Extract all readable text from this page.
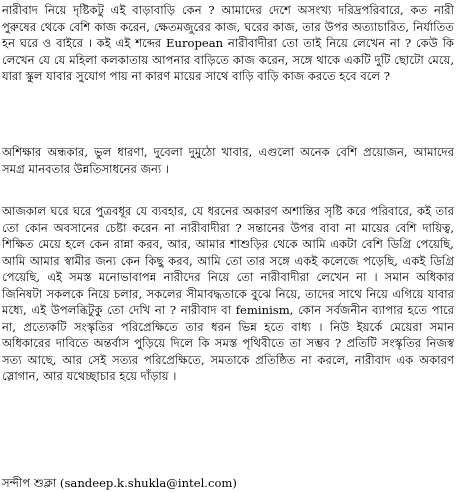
নারীবাদ নিয়ে দৃষ্টিকটু এই বাড়াবাড়ি কেন ? আমাদের দেশে অসংখ্য দরিদ্রপরিবারে, কত নারী পুরুষের থেকে বেশি কাজ করেন, ক্ষেতমজুরের কাজ, ঘরের কাজ, তার উপর অত্যাচারিত, নির্যাতিত হন ঘরে ও বাইরে । কই এই শব্দের European নারীবাদীরা তো তাই নিয়ে লেখেন না ? কেউ কি লেখেন যে যে মহিলা কলকাতায় আপনার বাড়িতে কাজ করেন, সঙ্গে থাকে একটি দুটি ছোটো মেয়ে, যারা স্কুল যাবার সুযোগ পায় না কারণ মায়ের সাথে বাড়ি বাড়ি কাজ করতে হবে বলে ?

অশিক্ষার অন্ধকার, ভুল ধারণা, দুবেলা দুমুঠো খাবার, এগুলো অনেক বেশি প্রয়োজন, আমাদের সমগ্র মানবতার উন্নতিসাধনের জন্য ।

আজকাল ঘরে ঘরে পুত্রবধূর যে ব্যবহার, যে ধরনের অকারণ অশান্তির সৃষ্টি করে পরিবারে, কই তার তো কোন অবসানের চেষ্টা করেন না নারীবাদীরা ? সন্তানের উপর বাবা না মায়ের বেশি দায়িত্ব, শিক্ষিত মেয়ে হলে কেন রান্না করব, আর, আমার শাশুড়ির থেকে আমি একটা বেশি ডিগ্রি পেয়েছি, আমি আমার স্বামীর জন্য কেন কিছু করব, আমি তো তার সঙ্গে একই কলেজে পড়েছি, একই ডিগ্রি পেয়েছি, এই সমস্ত মনোভাবাপন্ন নারীদের নিয়ে তো নারীবাদীরা লেখেন না । সমান অধিকার জিনিষটা সকলকে নিয়ে চলার, সকলের সীমাবদ্ধতাকে বুঝে নিয়ে, তাদের সাথে নিয়ে এগিয়ে যাবার মধ্যে, এই উপলব্ধিটুকু তো দেখি না ? নারীবাদ বা feminism, কোন সর্বজনীন ব্যাপার হতে পারে না, প্রত্যেকটি সংস্কৃতির পরিপ্রেক্ষিতে তার ধরন ভিন্ন হতে বাধ্য । নিউ ইয়র্কে মেয়েরা সমান অধিকারের দাবিতে অন্তর্বাস পুড়িয়ে দিলে কি সমস্ত পৃথিবীতে তা সম্ভব ? প্রতিটি সংস্কৃতির নিজস্ব সত্য আছে, আর সেই সত্যর পরিপ্রেক্ষিতে, সমতাকে প্রতিষ্ঠিত না করলে, নারীবাদ এক অকারণ স্লোগান, আর যথেচ্ছাচার হয়ে দাঁড়ায় ।

সন্দীপ শুক্লা (sandeep.k.shukla@intel.com)
